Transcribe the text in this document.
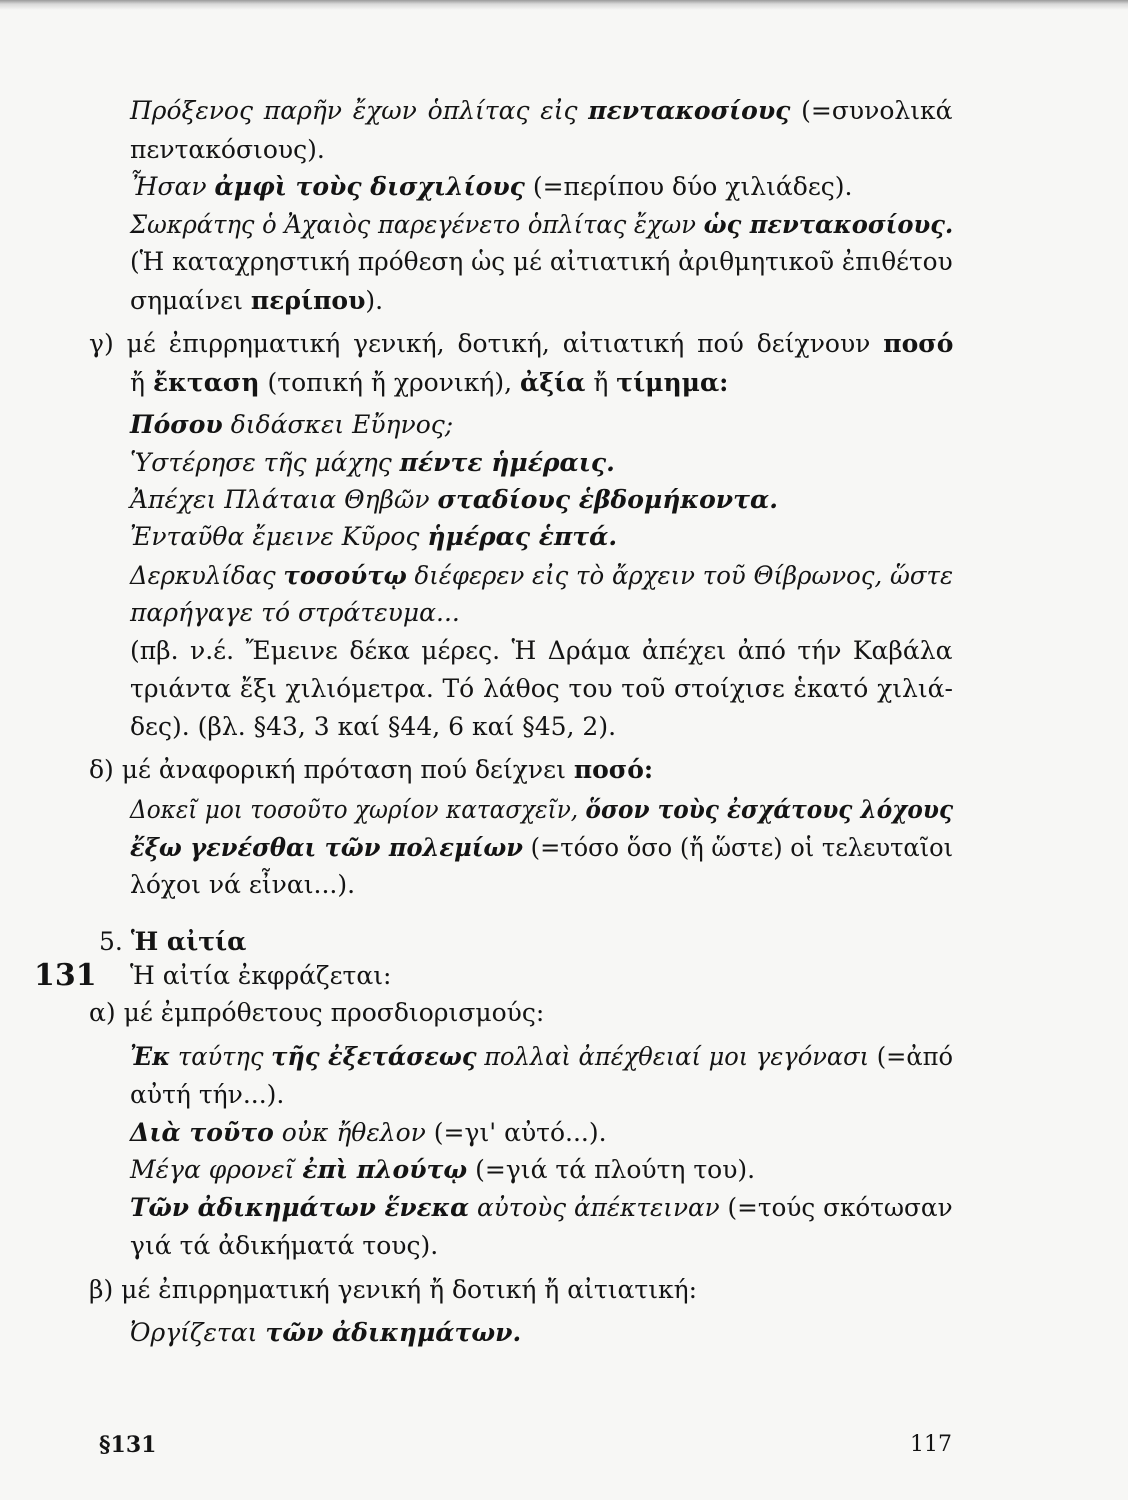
Πρόξενος παρῆν ἔχων ὁπλίτας εἰς πεντακοσίους (=συνολικά
πεντακόσιους).
Ἦσαν ἀμφὶ τοὺς δισχιλίους (=περίπου δύο χιλιάδες).
Σωκράτης ὁ Ἀχαιὸς παρεγένετο ὁπλίτας ἔχων ὡς πεντακοσίους.
(Ἡ καταχρηστική πρόθεση ὡς μέ αἰτιατική ἀριθμητικοῦ ἐπιθέτου
σημαίνει περίπου).
γ) μέ ἐπιρρηματική γενική, δοτική, αἰτιατική πού δείχνουν ποσό
ἤ ἔκταση (τοπική ἤ χρονική), ἀξία ἤ τίμημα:
Πόσου διδάσκει Εὔηνος;
Ὑστέρησε τῆς μάχης πέντε ἡμέραις.
Ἀπέχει Πλάταια Θηβῶν σταδίους ἑβδομήκοντα.
Ἐνταῦθα ἔμεινε Κῦρος ἡμέρας ἑπτά.
Δερκυλίδας τοσούτῳ διέφερεν εἰς τὸ ἄρχειν τοῦ Θίβρωνος, ὥστε
παρήγαγε τό στράτευμα...
(πβ. ν.έ. Ἔμεινε δέκα μέρες. Ἡ Δράμα ἀπέχει ἀπό τήν Καβάλα
τριάντα ἔξι χιλιόμετρα. Τό λάθος του τοῦ στοίχισε ἑκατό χιλιά-
δες). (βλ. §43, 3 καί §44, 6 καί §45, 2).
δ) μέ ἀναφορική πρόταση πού δείχνει ποσό:
Δοκεῖ μοι τοσοῦτο χωρίον κατασχεῖν, ὅσον τοὺς ἐσχάτους λόχους
ἔξω γενέσθαι τῶν πολεμίων (=τόσο ὅσο (ἤ ὥστε) οἱ τελευταῖοι
λόχοι νά εἶναι...).
5. Ἡ αἰτία
Ἡ αἰτία ἐκφράζεται:
α) μέ ἐμπρόθετους προσδιορισμούς:
Ἐκ ταύτης τῆς ἐξετάσεως πολλαὶ ἀπέχθειαί μοι γεγόνασι (=ἀπό
αὐτή τήν...).
Διὰ τοῦτο οὐκ ἤθελον (=γι' αὐτό...).
Μέγα φρονεῖ ἐπὶ πλούτῳ (=γιά τά πλούτη του).
Τῶν ἀδικημάτων ἕνεκα αὐτοὺς ἀπέκτειναν (=τούς σκότωσαν
γιά τά ἀδικήματά τους).
β) μέ ἐπιρρηματική γενική ἤ δοτική ἤ αἰτιατική:
Ὀργίζεται τῶν ἀδικημάτων.
131
§131	117
